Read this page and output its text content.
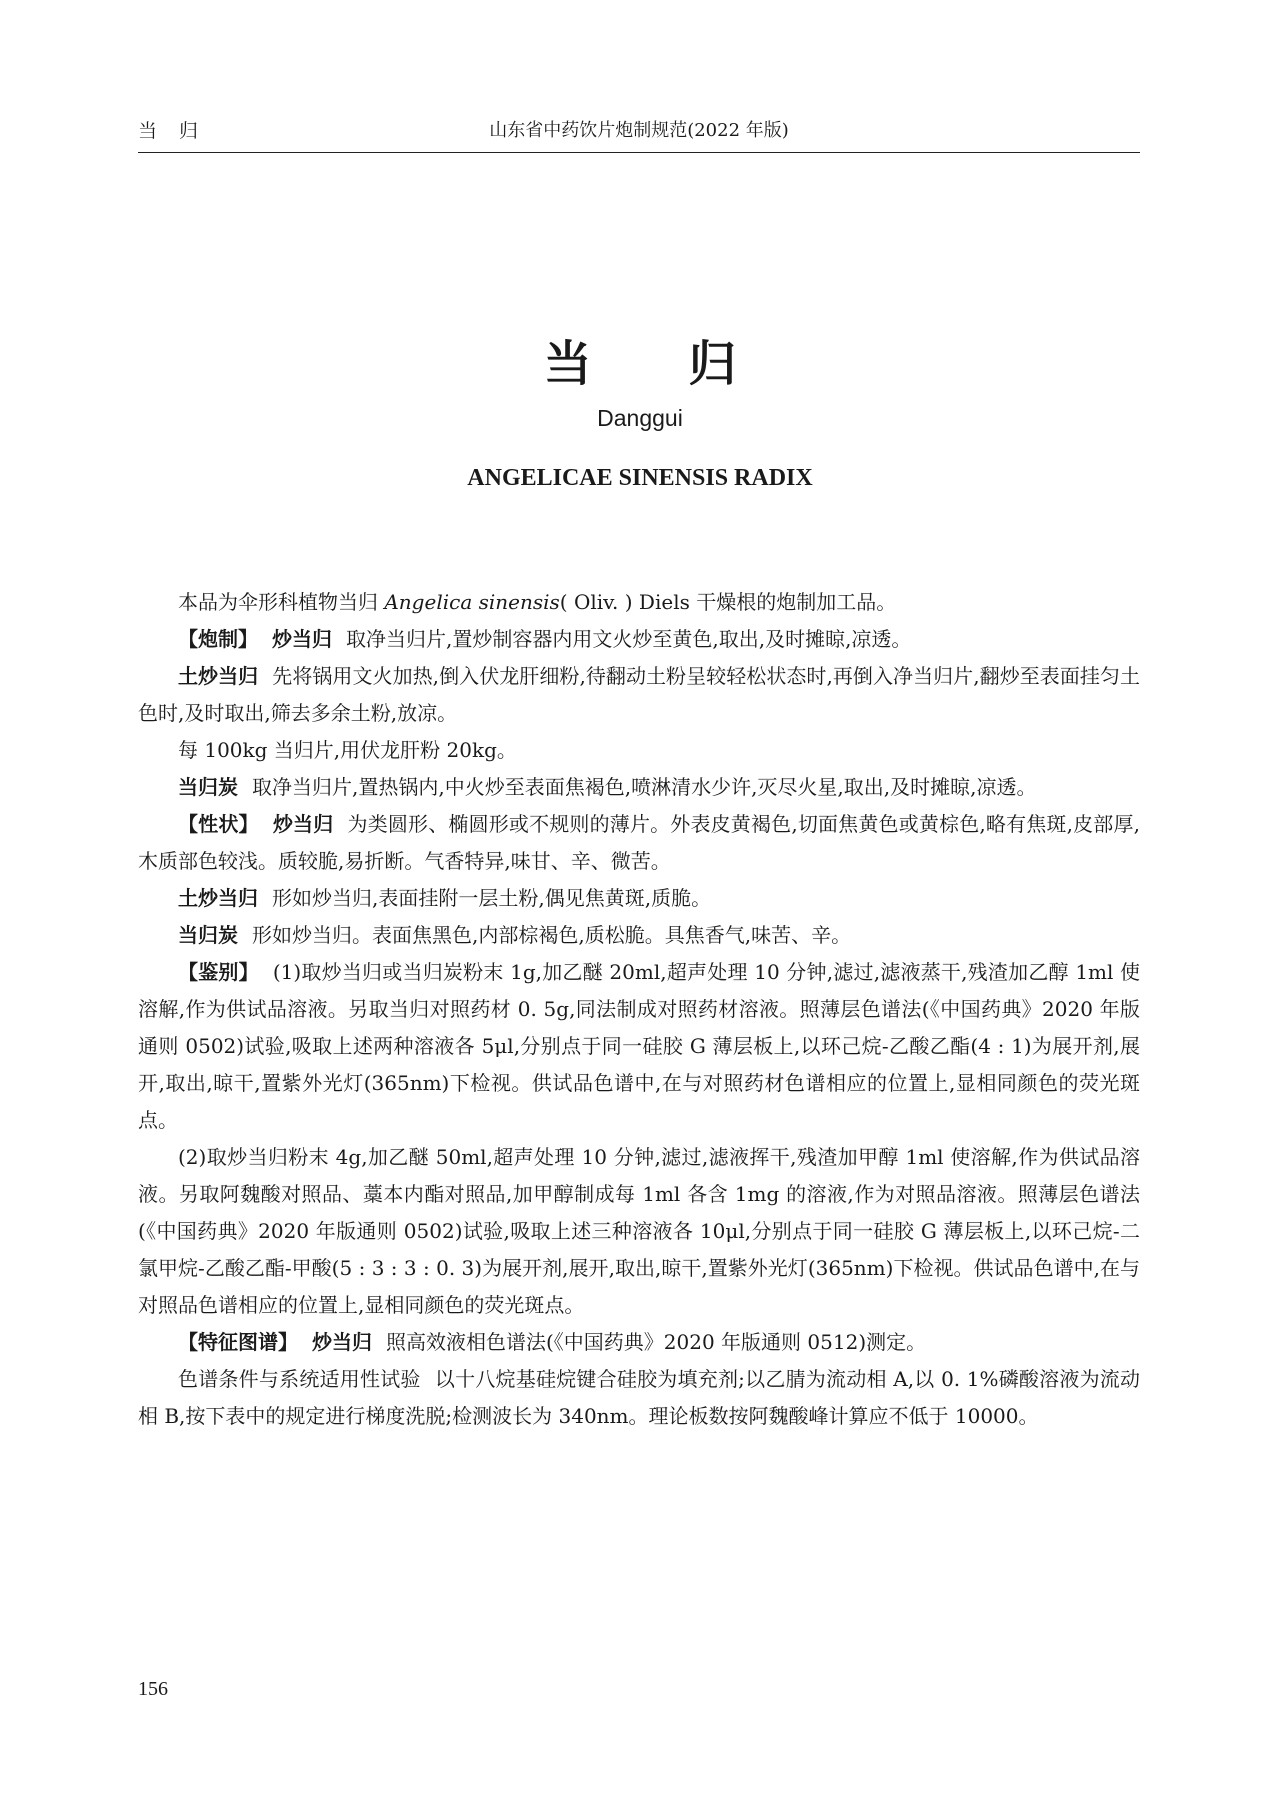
当 归	山东省中药饮片炮制规范(2022 年版)
当 归
Danggui
ANGELICAE SINENSIS RADIX

本品为伞形科植物当归 Angelica sinensis( Oliv. ) Diels 干燥根的炮制加工品。

【炮制】 炒当归 取净当归片,置炒制容器内用文火炒至黄色,取出,及时摊晾,凉透。

土炒当归 先将锅用文火加热,倒入伏龙肝细粉,待翻动土粉呈较轻松状态时,再倒入净当归片,翻炒至表面挂匀土色时,及时取出,筛去多余土粉,放凉。

每 100kg 当归片,用伏龙肝粉 20kg。

当归炭 取净当归片,置热锅内,中火炒至表面焦褐色,喷淋清水少许,灭尽火星,取出,及时摊晾,凉透。

【性状】 炒当归 为类圆形、椭圆形或不规则的薄片。外表皮黄褐色,切面焦黄色或黄棕色,略有焦斑,皮部厚,木质部色较浅。质较脆,易折断。气香特异,味甘、辛、微苦。

土炒当归 形如炒当归,表面挂附一层土粉,偶见焦黄斑,质脆。

当归炭 形如炒当归。表面焦黑色,内部棕褐色,质松脆。具焦香气,味苦、辛。

【鉴别】 (1)取炒当归或当归炭粉末 1g,加乙醚 20ml,超声处理 10 分钟,滤过,滤液蒸干,残渣加乙醇 1ml 使溶解,作为供试品溶液。另取当归对照药材 0. 5g,同法制成对照药材溶液。照薄层色谱法(《中国药典》2020 年版通则 0502)试验,吸取上述两种溶液各 5μl,分别点于同一硅胶 G 薄层板上,以环己烷-乙酸乙酯(4 : 1)为展开剂,展开,取出,晾干,置紫外光灯(365nm)下检视。供试品色谱中,在与对照药材色谱相应的位置上,显相同颜色的荧光斑点。

(2)取炒当归粉末 4g,加乙醚 50ml,超声处理 10 分钟,滤过,滤液挥干,残渣加甲醇 1ml 使溶解,作为供试品溶液。另取阿魏酸对照品、藁本内酯对照品,加甲醇制成每 1ml 各含 1mg 的溶液,作为对照品溶液。照薄层色谱法(《中国药典》2020 年版通则 0502)试验,吸取上述三种溶液各 10μl,分别点于同一硅胶 G 薄层板上,以环己烷-二氯甲烷-乙酸乙酯-甲酸(5 : 3 : 3 : 0. 3)为展开剂,展开,取出,晾干,置紫外光灯(365nm)下检视。供试品色谱中,在与对照品色谱相应的位置上,显相同颜色的荧光斑点。

【特征图谱】 炒当归 照高效液相色谱法(《中国药典》2020 年版通则 0512)测定。

色谱条件与系统适用性试验 以十八烷基硅烷键合硅胶为填充剂;以乙腈为流动相 A,以 0. 1%磷酸溶液为流动相 B,按下表中的规定进行梯度洗脱;检测波长为 340nm。理论板数按阿魏酸峰计算应不低于 10000。

156
